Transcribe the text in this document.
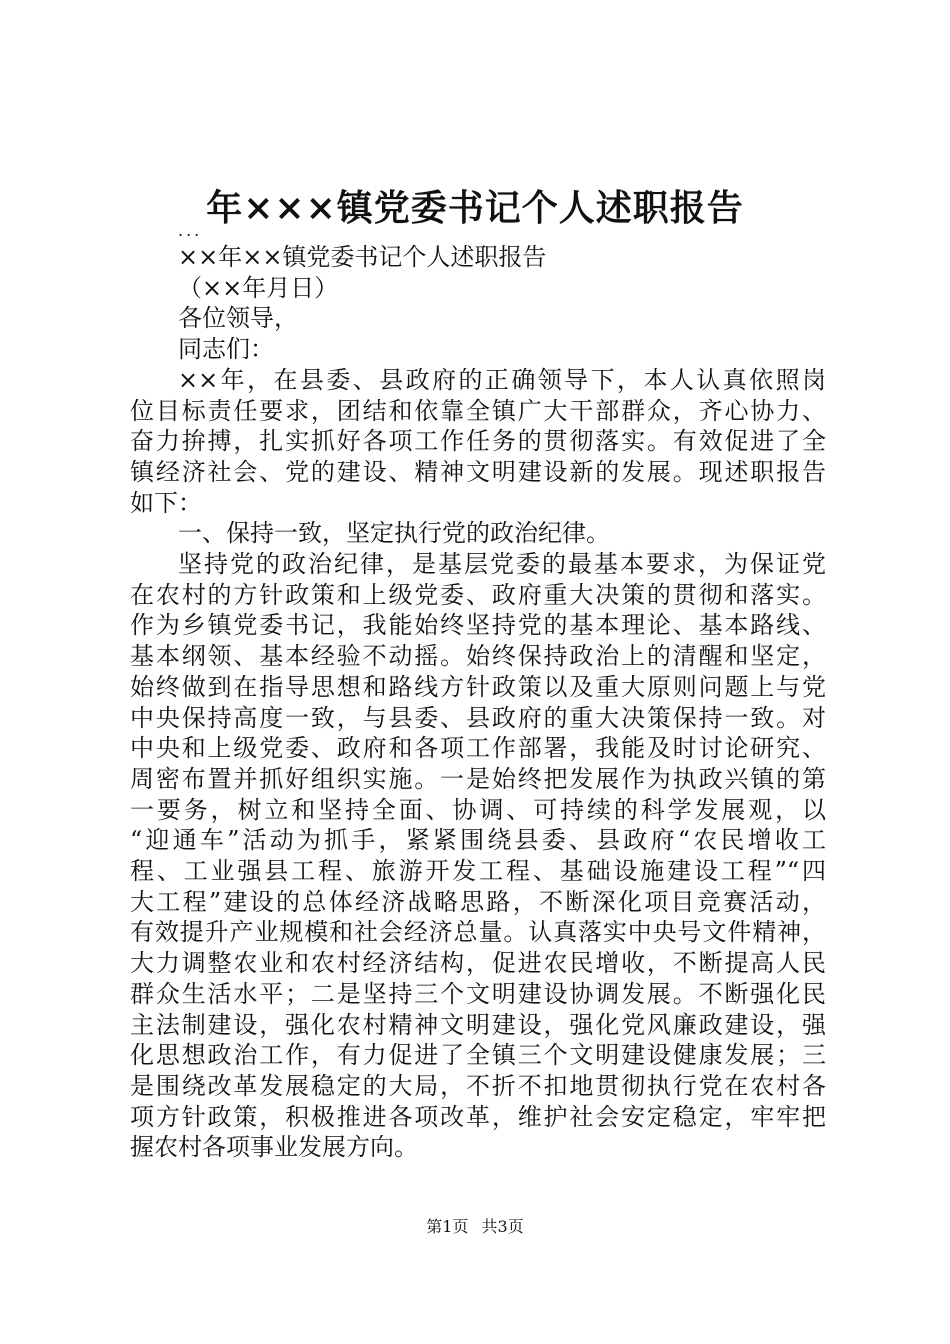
年×××镇党委书记个人述职报告
...
××年××镇党委书记个人述职报告
（××年月日）
各位领导，
同志们：
××年，在县委、县政府的正确领导下，本人认真依照岗
位目标责任要求，团结和依靠全镇广大干部群众，齐心协力、
奋力拚搏，扎实抓好各项工作任务的贯彻落实。有效促进了全
镇经济社会、党的建设、精神文明建设新的发展。现述职报告
如下：
一、保持一致，坚定执行党的政治纪律。
坚持党的政治纪律，是基层党委的最基本要求，为保证党
在农村的方针政策和上级党委、政府重大决策的贯彻和落实。
作为乡镇党委书记，我能始终坚持党的基本理论、基本路线、
基本纲领、基本经验不动摇。始终保持政治上的清醒和坚定，
始终做到在指导思想和路线方针政策以及重大原则问题上与党
中央保持高度一致，与县委、县政府的重大决策保持一致。对
中央和上级党委、政府和各项工作部署，我能及时讨论研究、
周密布置并抓好组织实施。一是始终把发展作为执政兴镇的第
一要务，树立和坚持全面、协调、可持续的科学发展观，以
“迎通车”活动为抓手，紧紧围绕县委、县政府“农民增收工
程、工业强县工程、旅游开发工程、基础设施建设工程”“四
大工程”建设的总体经济战略思路，不断深化项目竞赛活动，
有效提升产业规模和社会经济总量。认真落实中央号文件精神，
大力调整农业和农村经济结构，促进农民增收，不断提高人民
群众生活水平；二是坚持三个文明建设协调发展。不断强化民
主法制建设，强化农村精神文明建设，强化党风廉政建设，强
化思想政治工作，有力促进了全镇三个文明建设健康发展；三
是围绕改革发展稳定的大局，不折不扣地贯彻执行党在农村各
项方针政策，积极推进各项改革，维护社会安定稳定，牢牢把
握农村各项事业发展方向。
第1页 共3页
